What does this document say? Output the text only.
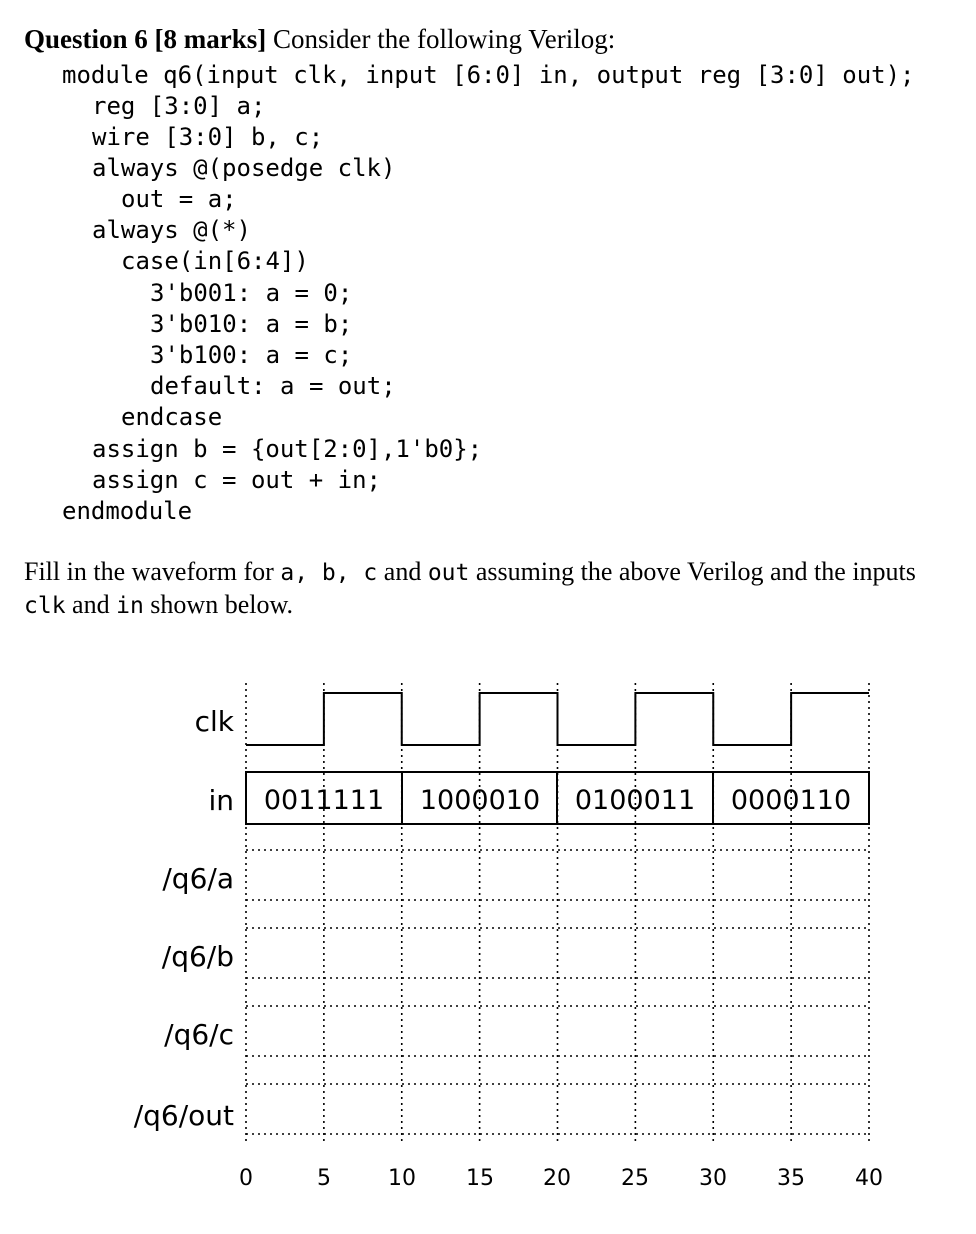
Question 6 [8 marks] Consider the following Verilog:
module q6(input clk, input [6:0] in, output reg [3:0] out);
reg [3:0] a;
wire [3:0] b, c;
always @(posedge clk)
out = a;
always @(*)
case(in[6:4])
3'b001: a = 0;
3'b010: a = b;
3'b100: a = c;
default: a = out;
endcase
assign b = {out[2:0],1'b0};
assign c = out + in;
endmodule
Fill in the waveform for a, b, c and out assuming the above Verilog and the inputs
clk and in shown below.
clk
in
/q6/a
/q6/b
/q6/c
/q6/out
0011111 1000010 0100011 0000110
0	5	10 15 20 25 30 35 40
